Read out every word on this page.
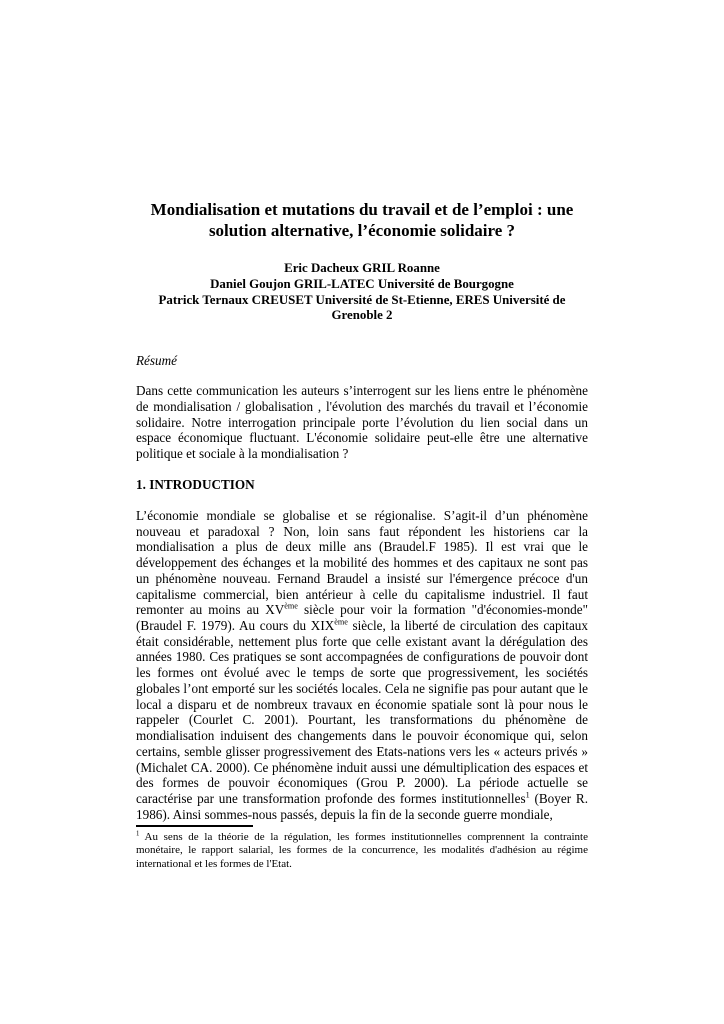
Mondialisation et mutations du travail et de l’emploi : une solution alternative, l’économie solidaire ?
Eric Dacheux GRIL Roanne
Daniel Goujon GRIL-LATEC Université de Bourgogne
Patrick Ternaux CREUSET Université de St-Etienne, ERES Université de Grenoble 2
Résumé

Dans cette communication les auteurs s’interrogent sur les liens entre le phénomène de mondialisation / globalisation , l'évolution des marchés du travail et l’économie solidaire. Notre interrogation principale porte l’évolution du lien social dans un espace économique fluctuant. L'économie solidaire peut-elle être une alternative politique et sociale à la mondialisation ?

1. INTRODUCTION

L’économie mondiale se globalise et se régionalise. S’agit-il d’un phénomène nouveau et paradoxal ? Non, loin sans faut répondent les historiens car la mondialisation a plus de deux mille ans (Braudel.F 1985). Il est vrai que le développement des échanges et la mobilité des hommes et des capitaux ne sont pas un phénomène nouveau. Fernand Braudel a insisté sur l'émergence précoce d'un capitalisme commercial, bien antérieur à celle du capitalisme industriel. Il faut remonter au moins au XVème siècle pour voir la formation "d'économies-monde" (Braudel F. 1979). Au cours du XIXème siècle, la liberté de circulation des capitaux était considérable, nettement plus forte que celle existant avant la dérégulation des années 1980. Ces pratiques se sont accompagnées de configurations de pouvoir dont les formes ont évolué avec le temps de sorte que progressivement, les sociétés globales l’ont emporté sur les sociétés locales. Cela ne signifie pas pour autant que le local a disparu et de nombreux travaux en économie spatiale sont là pour nous le rappeler (Courlet C. 2001). Pourtant, les transformations du phénomène de mondialisation induisent des changements dans le pouvoir économique qui, selon certains, semble glisser progressivement des Etats-nations vers les « acteurs privés » (Michalet CA. 2000). Ce phénomène induit aussi une démultiplication des espaces et des formes de pouvoir économiques (Grou P. 2000). La période actuelle se caractérise par une transformation profonde des formes institutionnelles$^1$ (Boyer R. 1986). Ainsi sommes-nous passés, depuis la fin de la seconde guerre mondiale,

$^1$ Au sens de la théorie de la régulation, les formes institutionnelles comprennent la contrainte monétaire, le rapport salarial, les formes de la concurrence, les modalités d'adhésion au régime international et les formes de l'Etat.
